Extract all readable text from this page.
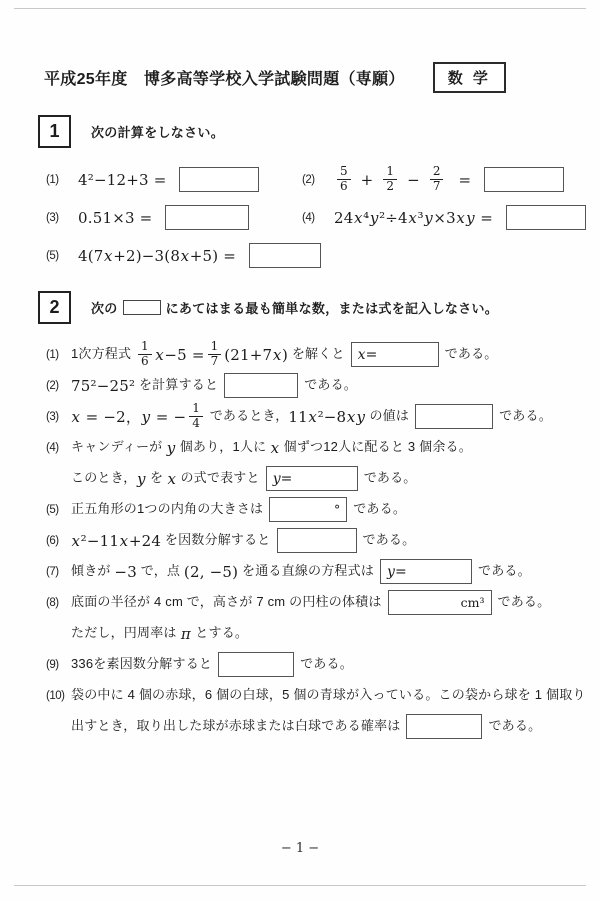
平成25年度　博多高等学校入学試験問題（専願）	数 学
1 次の計算をしなさい。
(1)	4²−12+3 =	(2)	$\frac{5}{6} + \frac{1}{2} - \frac{2}{7}$ =
(3)	0.51×3 =	(4)	24x⁴y²÷4x³y×3xy =
(5)	4(7x+2)−3(8x+5) =
2 次の	にあてはまる最も簡単な数，または式を記入しなさい。
(1) 1次方程式 $\frac{1}{6} x-5 = \frac{1}{7} (21+7x)$ を解くと x=	である。
(2) 75²−25² を計算すると	である。
(3) x = −2，y = − $\frac{1}{4}$ であるとき， 11x²−8xy の値は	である。
(4) キャンディーが y 個あり，1人に x 個ずつ12人に配ると 3 個余る。
このとき， y を x の式で表すと y=	である。
(5) 正五角形の1つの内角の大きさは	° である。
(6) x²−11x+24 を因数分解すると	である。
(7) 傾きが −3 で，点 (2, −5) を通る直線の方程式は y=	である。
(8) 底面の半径が 4 cm で，高さが 7 cm の円柱の体積は	cm³ である。
ただし，円周率は π とする。
(9) 336を素因数分解すると	である。
(10) 袋の中に 4 個の赤球，6 個の白球，5 個の青球が入っている。この袋から球を 1 個取り
出すとき，取り出した球が赤球または白球である確率は	である。
− 1 −
